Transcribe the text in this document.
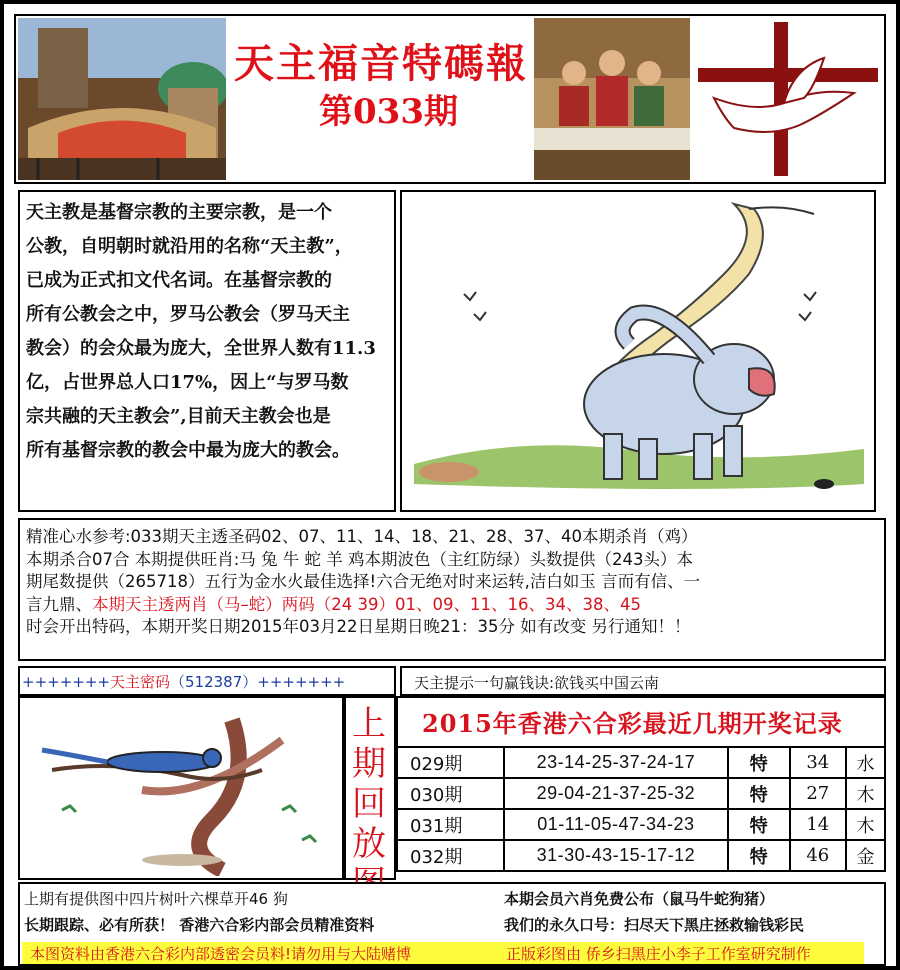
天主福音特碼報
第033期

天主教是基督宗教的主要宗教，是一个

公教，自明朝时就沿用的名称“天主教”，

已成为正式扣文代名词。在基督宗教的

所有公教会之中，罗马公教会（罗马天主

教会）的会众最为庞大，全世界人数有11.3

亿，占世界总人口17%，因上“与罗马数

宗共融的天主教会”,目前天主教会也是

所有基督宗教的教会中最为庞大的教会。

精准心水参考:033期天主透圣码02、07、11、14、18、21、28、37、40本期杀肖（鸡）
本期杀合07合 本期提供旺肖:马 兔 牛 蛇 羊 鸡本期波色（主红防绿）头数提供（243头）本
期尾数提供（265718）五行为金水火最佳选择!六合无绝对时来运转,洁白如玉 言而有信、一
言九鼎、本期天主透两肖（马–蛇）两码（24 39）01、09、11、16、34、38、45
时会开出特码，本期开奖日期2015年03月22日星期日晚21：35分 如有改变 另行通知！！
+++++++天主密码（512387）+++++++	天主提示一句赢钱诀:欲钱买中国云南
上
期
回
放
2015年香港六合彩最近几期开奖记录
029期	23-14-25-37-24-17	特	34	水
030期	29-04-21-37-25-32	特	27	木
031期	01-11-05-47-34-23	特	14	木
032期	31-30-43-15-17-12	特	46	金
上期有提供图中四片树叶六棵草开46 狗	本期会员六肖免费公布（鼠马牛蛇狗猪）
长期跟踪、必有所获！ 香港六合彩内部会员精准资料	我们的永久口号：扫尽天下黑庄拯救输钱彩民
本图资料由香港六合彩内部透密会员料!请勿用与大陆赌博	正版彩图由 侨乡扫黑庄小李子工作室研究制作
